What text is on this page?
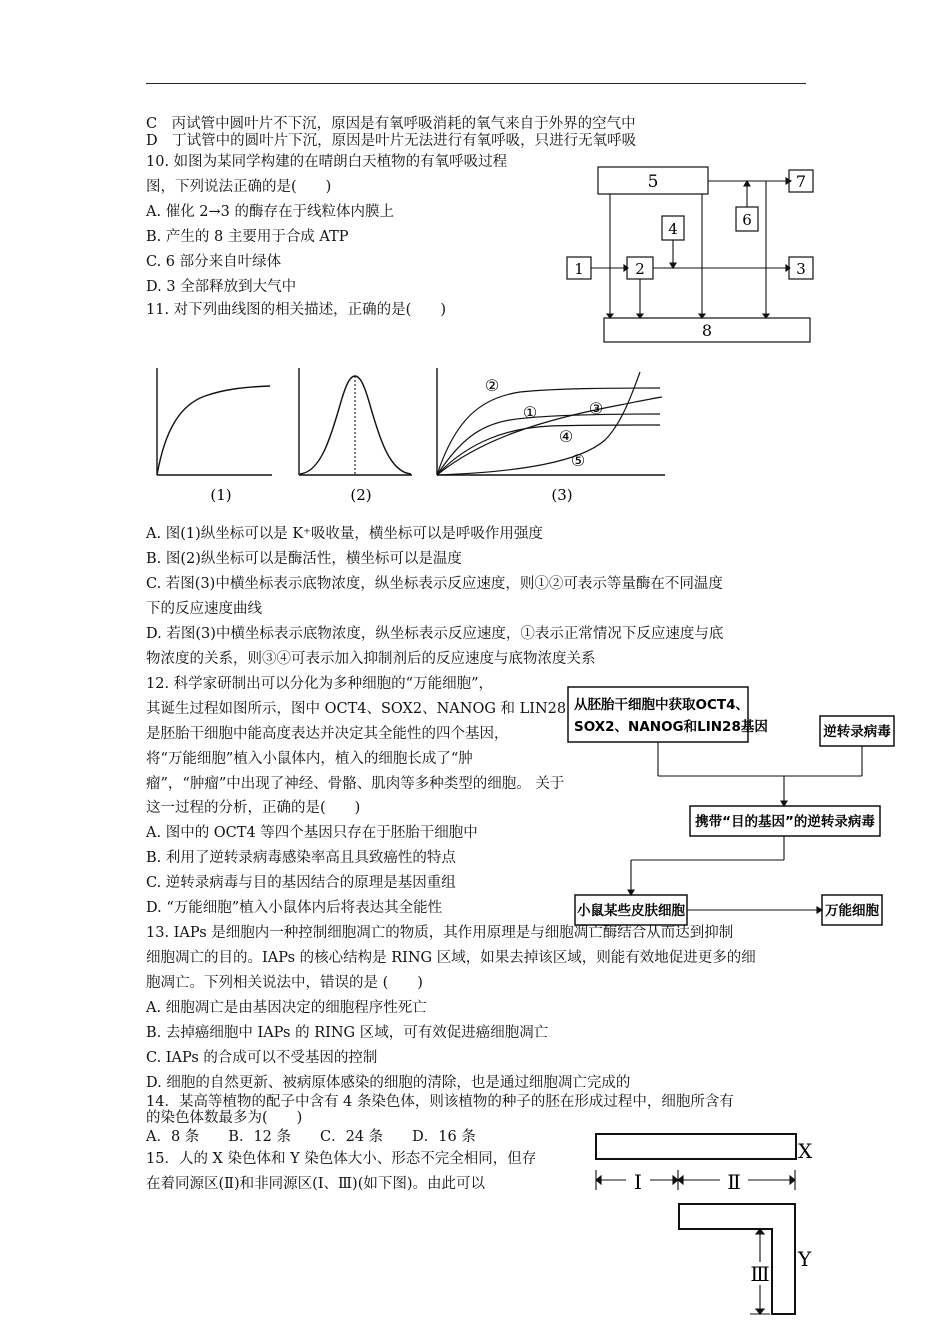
C　丙试管中圆叶片不下沉，原因是有氧呼吸消耗的氧气来自于外界的空气中
D　丁试管中的圆叶片下沉，原因是叶片无法进行有氧呼吸，只进行无氧呼吸
10. 如图为某同学构建的在晴朗白天植物的有氧呼吸过程
图，下列说法正确的是(　　)
A. 催化 2→3 的酶存在于线粒体内膜上
B. 产生的 8 主要用于合成 ATP
C. 6 部分来自叶绿体
D. 3 全部释放到大气中
11. 对下列曲线图的相关描述，正确的是(　　)
A. 图(1)纵坐标可以是 K⁺吸收量，横坐标可以是呼吸作用强度
B. 图(2)纵坐标可以是酶活性，横坐标可以是温度
C. 若图(3)中横坐标表示底物浓度，纵坐标表示反应速度，则①②可表示等量酶在不同温度
下的反应速度曲线
D. 若图(3)中横坐标表示底物浓度，纵坐标表示反应速度，①表示正常情况下反应速度与底
物浓度的关系，则③④可表示加入抑制剂后的反应速度与底物浓度关系
12. 科学家研制出可以分化为多种细胞的“万能细胞”，
其诞生过程如图所示，图中 OCT4、SOX2、NANOG 和 LIN28
是胚胎干细胞中能高度表达并决定其全能性的四个基因，
将“万能细胞”植入小鼠体内，植入的细胞长成了“肿
瘤”，“肿瘤”中出现了神经、骨骼、肌肉等多种类型的细胞。 关于
这一过程的分析，正确的是(　　)
A. 图中的 OCT4 等四个基因只存在于胚胎干细胞中
B. 利用了逆转录病毒感染率高且具致癌性的特点
C. 逆转录病毒与目的基因结合的原理是基因重组
D. “万能细胞”植入小鼠体内后将表达其全能性
13. IAPs 是细胞内一种控制细胞凋亡的物质，其作用原理是与细胞凋亡酶结合从而达到抑制
细胞凋亡的目的。IAPs 的核心结构是 RING 区域，如果去掉该区域，则能有效地促进更多的细
胞凋亡。下列相关说法中，错误的是 (　　)
A. 细胞凋亡是由基因决定的细胞程序性死亡
B. 去掉癌细胞中 IAPs 的 RING 区域，可有效促进癌细胞凋亡
C. IAPs 的合成可以不受基因的控制
D. 细胞的自然更新、被病原体感染的细胞的清除，也是通过细胞凋亡完成的
14．某高等植物的配子中含有 4 条染色体，则该植物的种子的胚在形成过程中，细胞所含有
的染色体数最多为(　　)
A．8 条　　B．12 条　　C．24 条　　D．16 条
15．人的 X 染色体和 Y 染色体大小、形态不完全相同，但存
在着同源区(Ⅱ)和非同源区(Ⅰ、Ⅲ)(如下图)。由此可以
5	7
6
4
1	2	3
8
(1)	(2)
②
①	③
④
⑤
(3)
从胚胎干细胞中获取OCT4、
SOX2、NANOG和LIN28基因	逆转录病毒
携带“目的基因”的逆转录病毒
小鼠某些皮肤细胞	万能细胞
X
Ⅰ	Ⅱ
Y
Ⅲ
